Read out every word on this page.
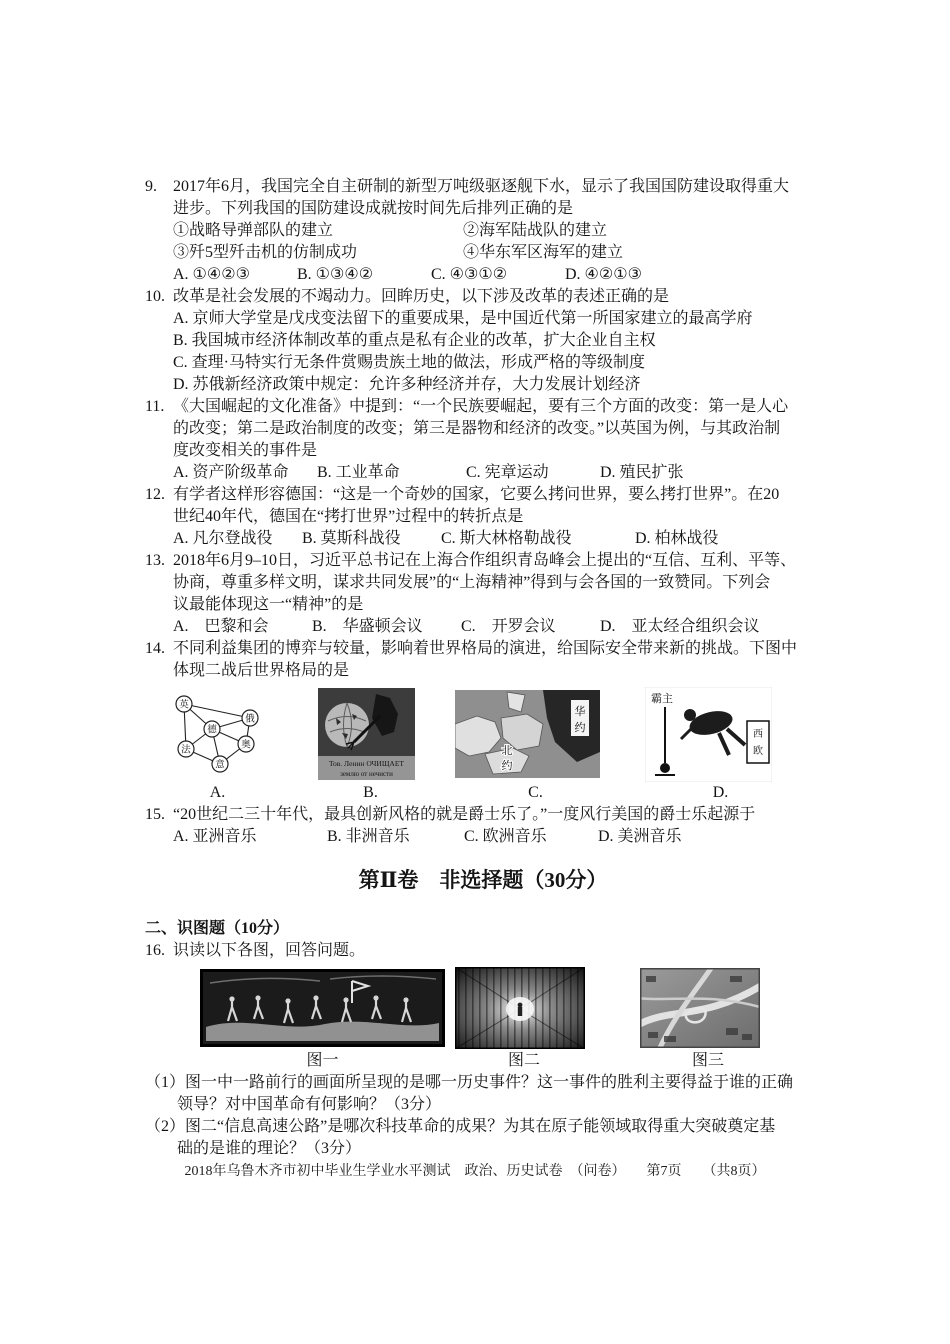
9.	2017年6月，我国完全自主研制的新型万吨级驱逐舰下水，显示了我国国防建设取得重大
进步。下列我国的国防建设成就按时间先后排列正确的是
①战略导弹部队的建立	②海军陆战队的建立
③歼5型歼击机的仿制成功	④华东军区海军的建立
A. ①④②③	B. ①③④②	C. ④③①②	D. ④②①③
10. 改革是社会发展的不竭动力。回眸历史，以下涉及改革的表述正确的是
A. 京师大学堂是戊戌变法留下的重要成果，是中国近代第一所国家建立的最高学府
B. 我国城市经济体制改革的重点是私有企业的改革，扩大企业自主权
C. 查理·马特实行无条件赏赐贵族土地的做法，形成严格的等级制度
D. 苏俄新经济政策中规定：允许多种经济并存，大力发展计划经济
11. 《大国崛起的文化准备》中提到：“一个民族要崛起，要有三个方面的改变：第一是人心
的改变；第二是政治制度的改变；第三是器物和经济的改变。”以英国为例，与其政治制
度改变相关的事件是
A. 资产阶级革命 B. 工业革命	C. 宪章运动	D. 殖民扩张
12. 有学者这样形容德国：“这是一个奇妙的国家，它要么拷问世界，要么拷打世界”。在20
世纪40年代，德国在“拷打世界”过程中的转折点是
A. 凡尔登战役 B. 莫斯科战役	C. 斯大林格勒战役	D. 柏林战役
13. 2018年6月9–10日，习近平总书记在上海合作组织青岛峰会上提出的“互信、互利、平等、
协商，尊重多样文明，谋求共同发展”的“上海精神”得到与会各国的一致赞同。下列会
议最能体现这一“精神”的是
A.　巴黎和会	B.　华盛顿会议 C.　开罗会议	D.　亚太经合组织会议
14. 不同利益集团的博弈与较量，影响着世界格局的演进，给国际安全带来新的挑战。下图中
体现二战后世界格局的是
英
德
俄
法	奥
意	Тов. Ленин ОЧИЩАЕТ
землю от нечисти
华
约
北
约
霸主
西
欧
A.	B.	C.	D.
15. “20世纪二三十年代，最具创新风格的就是爵士乐了。”一度风行美国的爵士乐起源于
A. 亚洲音乐	B. 非洲音乐	C. 欧洲音乐	D. 美洲音乐
第Ⅱ卷　非选择题（30分）
二、识图题（10分）
16. 识读以下各图，回答问题。
图一	图二	图三
（1） 图一中一路前行的画面所呈现的是哪一历史事件？这一事件的胜利主要得益于谁的正确
领导？对中国革命有何影响？（3分）
（2） 图二“信息高速公路”是哪次科技革命的成果？为其在原子能领域取得重大突破奠定基
础的是谁的理论？（3分）
2018年乌鲁木齐市初中毕业生学业水平测试　政治、历史试卷　（问卷）　　第7页　　（共8页）
